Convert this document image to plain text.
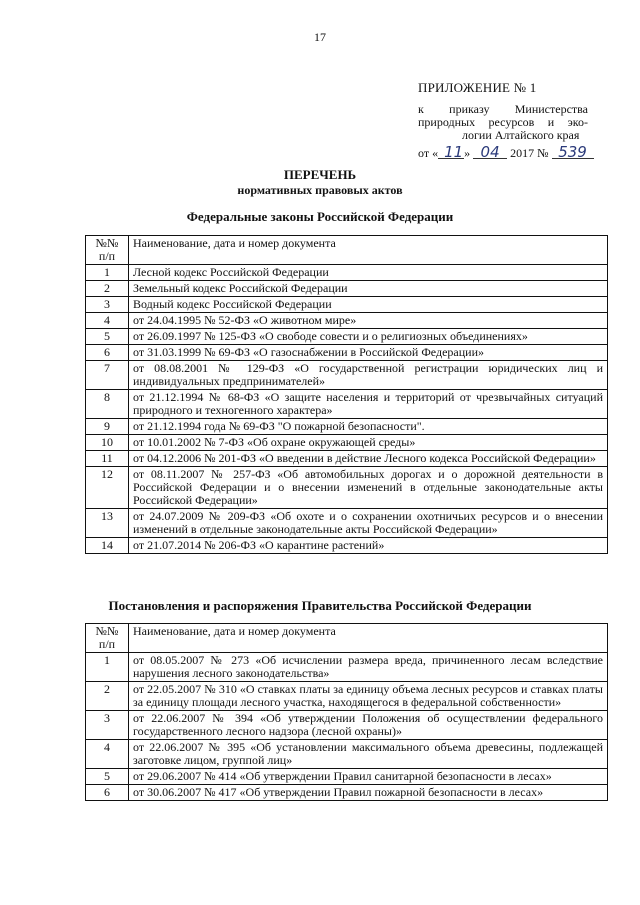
17
ПРИЛОЖЕНИЕ № 1
к приказу Министерства
природных ресурсов и эко-
логии Алтайского края
от « 11» 04 2017 № 539
ПЕРЕЧЕНЬ
нормативных правовых актов
Федеральные законы Российской Федерации
№№
п/п	Наименование, дата и номер документа
1	Лесной кодекс Российской Федерации
2	Земельный кодекс Российской Федерации
3	Водный кодекс Российской Федерации
4	от 24.04.1995 № 52-ФЗ «О животном мире»
5	от 26.09.1997 № 125-ФЗ «О свободе совести и о религиозных объединениях»
6	от 31.03.1999 № 69-ФЗ «О газоснабжении в Российской Федерации»
7	от 08.08.2001 № 129-ФЗ «О государственной регистрации юридических лиц и индивидуальных предпринимателей»
8	от 21.12.1994 № 68-ФЗ «О защите населения и территорий от чрезвычайных ситуаций природного и техногенного характера»
9	от 21.12.1994 года № 69-ФЗ "О пожарной безопасности".
10	от 10.01.2002 № 7-ФЗ «Об охране окружающей среды»
11	от 04.12.2006 № 201-ФЗ «О введении в действие Лесного кодекса Российской Федерации»
12	от 08.11.2007 № 257-ФЗ «Об автомобильных дорогах и о дорожной деятельности в Российской Федерации и о внесении изменений в отдельные законодательные акты Российской Федерации»
13	от 24.07.2009 № 209-ФЗ «Об охоте и о сохранении охотничьих ресурсов и о внесении изменений в отдельные законодательные акты Российской Федерации»
14	от 21.07.2014 № 206-ФЗ «О карантине растений»
Постановления и распоряжения Правительства Российской Федерации
№№
п/п	Наименование, дата и номер документа
1	от 08.05.2007 № 273 «Об исчислении размера вреда, причиненного лесам вследствие нарушения лесного законодательства»
2	от 22.05.2007 № 310 «О ставках платы за единицу объема лесных ресурсов и ставках платы за единицу площади лесного участка, находящегося в федеральной собственности»
3	от 22.06.2007 № 394 «Об утверждении Положения об осуществлении федерального государственного лесного надзора (лесной охраны)»
4	от 22.06.2007 № 395 «Об установлении максимального объема древесины, подлежащей заготовке лицом, группой лиц»
5	от 29.06.2007 № 414 «Об утверждении Правил санитарной безопасности в лесах»
6	от 30.06.2007 № 417 «Об утверждении Правил пожарной безопасности в лесах»
